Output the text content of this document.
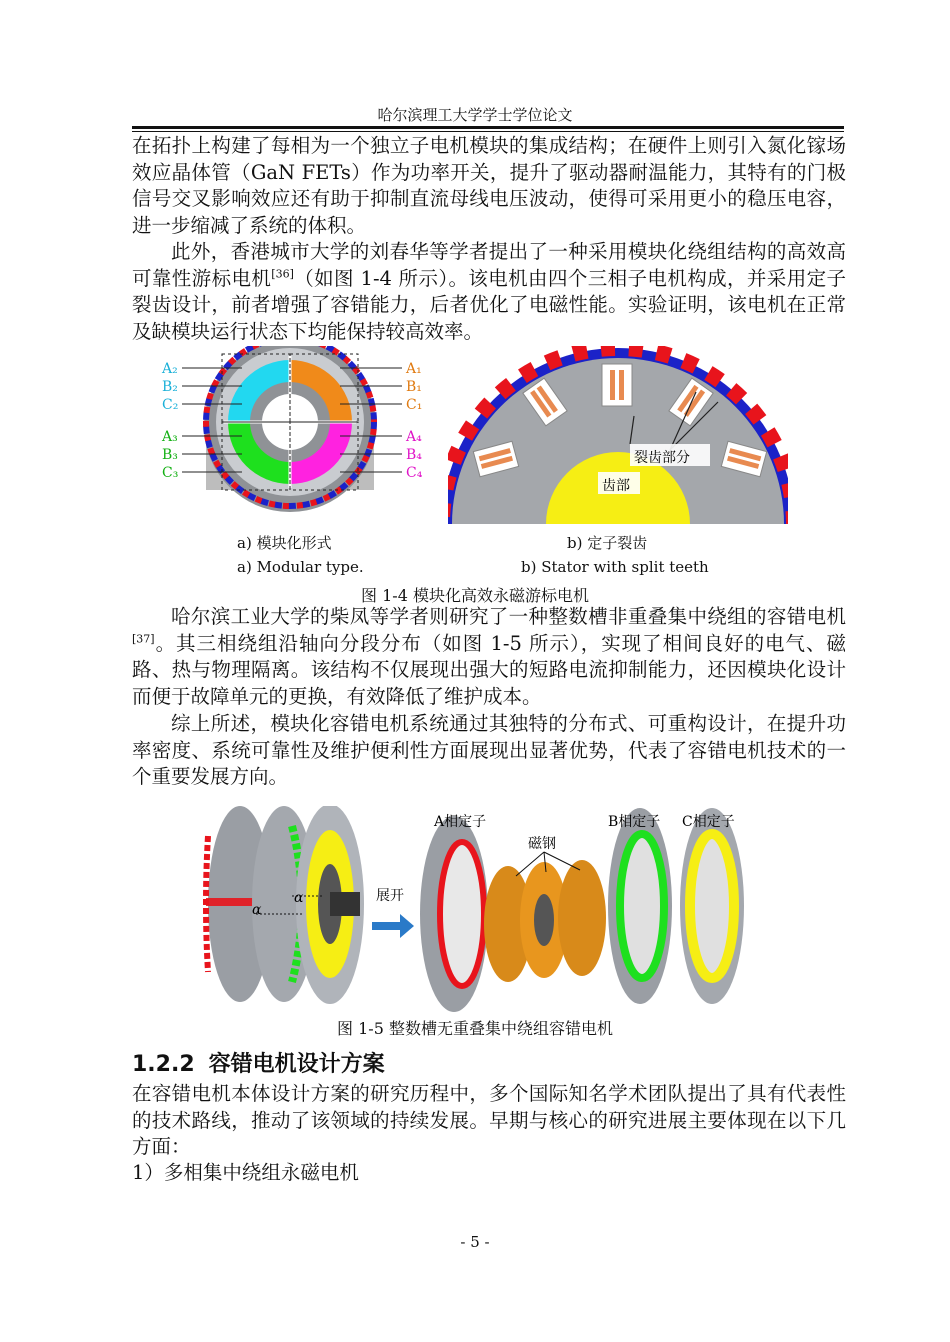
哈尔滨理工大学学士学位论文

在拓扑上构建了每相为一个独立子电机模块的集成结构；在硬件上则引入氮化镓场效应晶体管（GaN FETs）作为功率开关，提升了驱动器耐温能力，其特有的门极信号交叉影响效应还有助于抑制直流母线电压波动，使得可采用更小的稳压电容，进一步缩减了系统的体积。

此外，香港城市大学的刘春华等学者提出了一种采用模块化绕组结构的高效高可靠性游标电机[36]（如图 1-4 所示）。该电机由四个三相子电机构成，并采用定子裂齿设计，前者增强了容错能力，后者优化了电磁性能。实验证明，该电机在正常及缺模块运行状态下均能保持较高效率。

A₂
B₂
C₂
A₃
B₃
C₃
A₁
B₁
C₁
A₄
B₄
C₄
裂齿部分
齿部
a) 模块化形式
a) Modular type.
b) 定子裂齿
b) Stator with split teeth
图 1-4 模块化高效永磁游标电机

哈尔滨工业大学的柴凤等学者则研究了一种整数槽非重叠集中绕组的容错电机[37]。其三相绕组沿轴向分段分布（如图 1-5 所示），实现了相间良好的电气、磁路、热与物理隔离。该结构不仅展现出强大的短路电流抑制能力，还因模块化设计而便于故障单元的更换，有效降低了维护成本。

综上所述，模块化容错电机系统通过其独特的分布式、可重构设计，在提升功率密度、系统可靠性及维护便利性方面展现出显著优势，代表了容错电机技术的一个重要发展方向。

α
α	展开
A相定子	B相定子 C相定子
磁钢
图 1-5 整数槽无重叠集中绕组容错电机
1.2.2 容错电机设计方案

在容错电机本体设计方案的研究历程中，多个国际知名学术团队提出了具有代表性的技术路线，推动了该领域的持续发展。早期与核心的研究进展主要体现在以下几方面：

1）多相集中绕组永磁电机

- 5 -
